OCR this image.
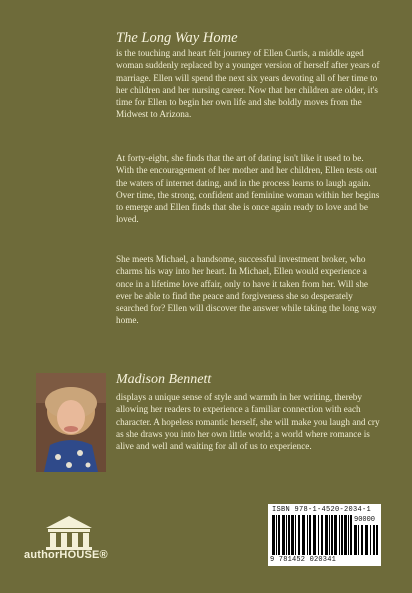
The Long Way Home

is the touching and heart felt journey of Ellen Curtis, a middle aged woman suddenly replaced by a younger version of herself after years of marriage. Ellen will spend the next six years devoting all of her time to her children and her nursing career. Now that her children are older, it's time for Ellen to begin her own life and she boldly moves from the Midwest to Arizona.

At forty-eight, she finds that the art of dating isn't like it used to be. With the encouragement of her mother and her children, Ellen tests out the waters of internet dating, and in the process learns to laugh again. Over time, the strong, confident and feminine woman within her begins to emerge and Ellen finds that she is once again ready to love and be loved.

She meets Michael, a handsome, successful investment broker, who charms his way into her heart. In Michael, Ellen would experience a once in a lifetime love affair, only to have it taken from her. Will she ever be able to find the peace and forgiveness she so desperately searched for? Ellen will discover the answer while taking the long way home.

Madison Bennett

displays a unique sense of style and warmth in her writing, thereby allowing her readers to experience a familiar connection with each character. A hopeless romantic herself, she will make you laugh and cry as she draws you into her own little world; a world where romance is alive and well and waiting for all of us to experience.

authorHOUSE®
ISBN 978-1-4520-2034-1
90000
9 781452 020341
